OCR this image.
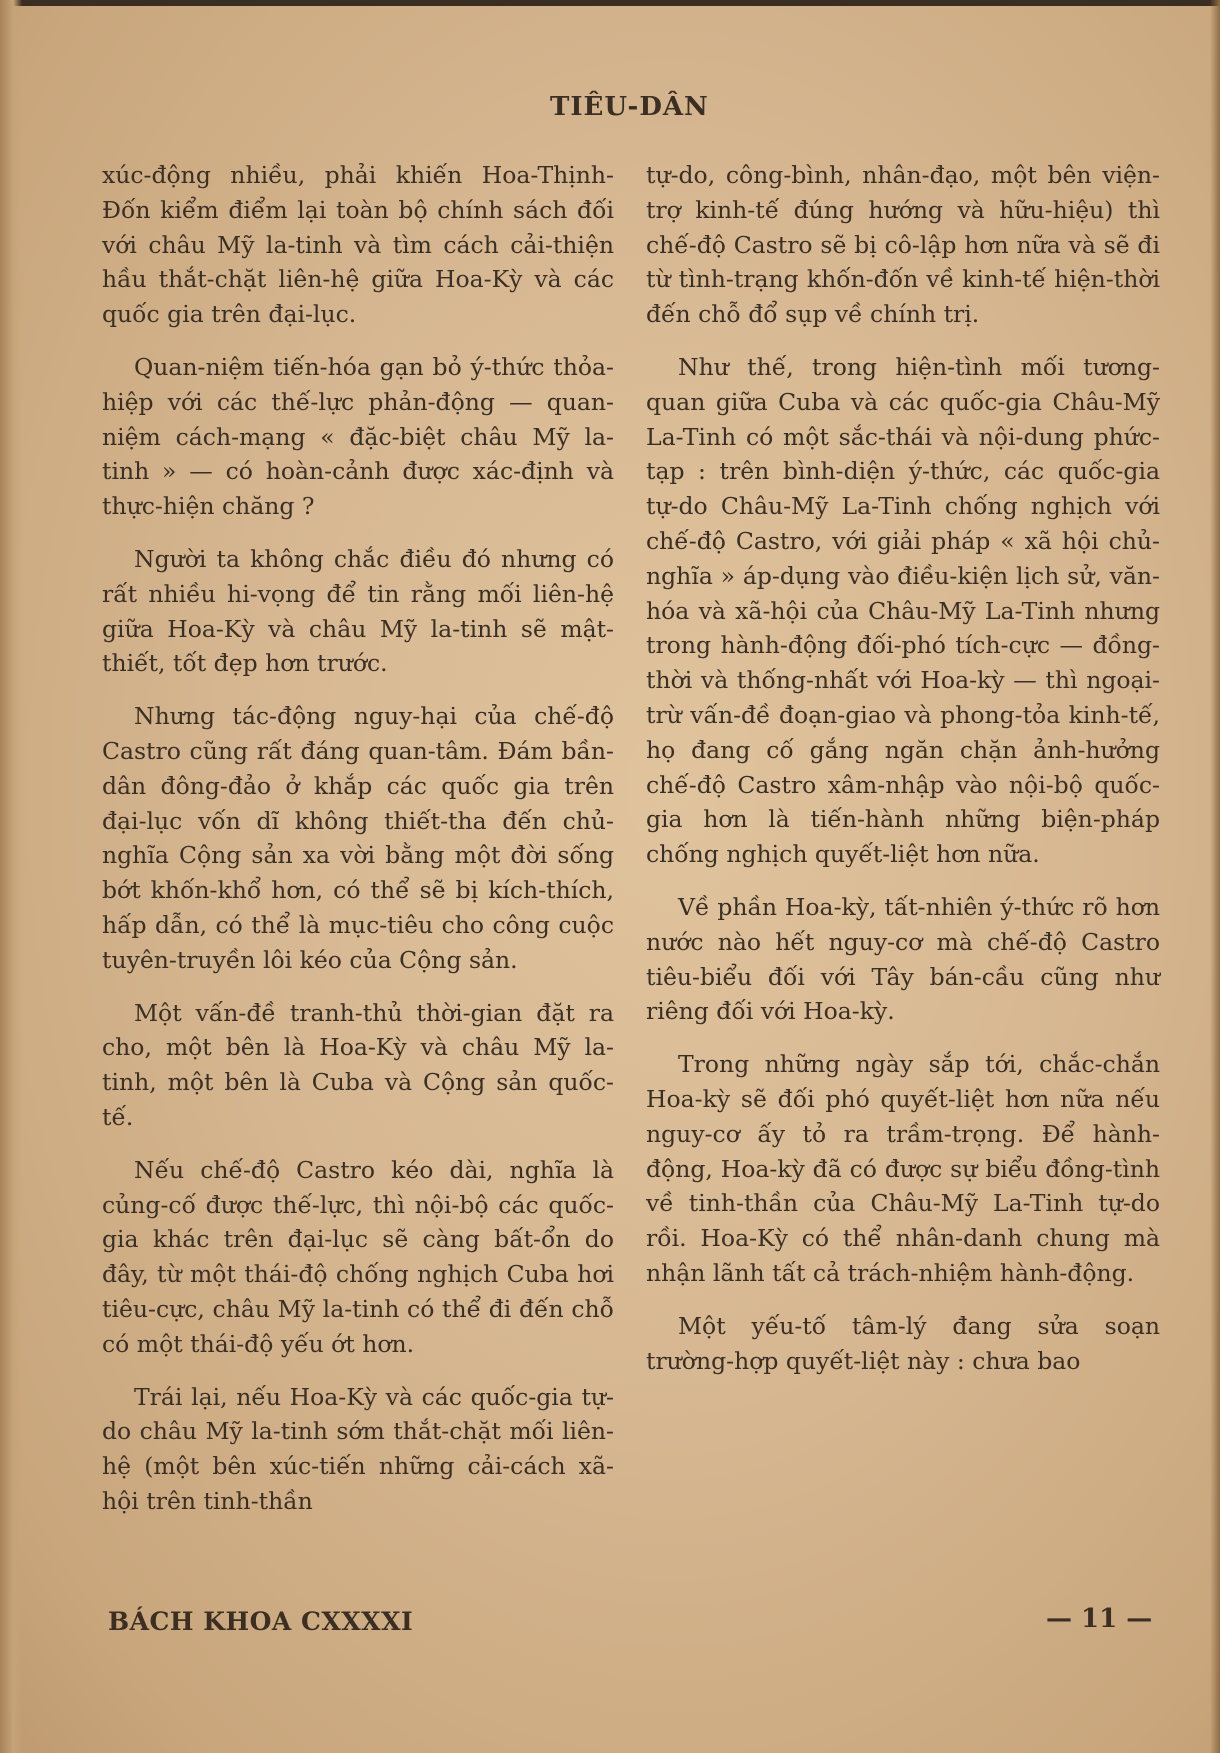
TIÊU-DÂN

xúc-động nhiều, phải khiến Hoa-Thịnh-Đốn kiểm điểm lại toàn bộ chính sách đối với châu Mỹ la-tinh và tìm cách cải-thiện hầu thắt-chặt liên-hệ giữa Hoa-Kỳ và các quốc gia trên đại-lục.

Quan-niệm tiến-hóa gạn bỏ ý-thức thỏa-hiệp với các thế-lực phản-động — quan-niệm cách-mạng « đặc-biệt châu Mỹ la-tinh » — có hoàn-cảnh được xác-định và thực-hiện chăng ?

Người ta không chắc điều đó nhưng có rất nhiều hi-vọng để tin rằng mối liên-hệ giữa Hoa-Kỳ và châu Mỹ la-tinh sẽ mật-thiết, tốt đẹp hơn trước.

Nhưng tác-động nguy-hại của chế-độ Castro cũng rất đáng quan-tâm. Đám bần-dân đông-đảo ở khắp các quốc gia trên đại-lục vốn dĩ không thiết-tha đến chủ-nghĩa Cộng sản xa vời bằng một đời sống bớt khốn-khổ hơn, có thể sẽ bị kích-thích, hấp dẫn, có thể là mục-tiêu cho công cuộc tuyên-truyền lôi kéo của Cộng sản.

Một vấn-đề tranh-thủ thời-gian đặt ra cho, một bên là Hoa-Kỳ và châu Mỹ la-tinh, một bên là Cuba và Cộng sản quốc-tế.

Nếu chế-độ Castro kéo dài, nghĩa là củng-cố được thế-lực, thì nội-bộ các quốc-gia khác trên đại-lục sẽ càng bất-ổn do đây, từ một thái-độ chống nghịch Cuba hơi tiêu-cực, châu Mỹ la-tinh có thể đi đến chỗ có một thái-độ yếu ớt hơn.

Trái lại, nếu Hoa-Kỳ và các quốc-gia tự-do châu Mỹ la-tinh sớm thắt-chặt mối liên-hệ (một bên xúc-tiến những cải-cách xã-hội trên tinh-thần

tự-do, công-bình, nhân-đạo, một bên viện-trợ kinh-tế đúng hướng và hữu-hiệu) thì chế-độ Castro sẽ bị cô-lập hơn nữa và sẽ đi từ tình-trạng khốn-đốn về kinh-tế hiện-thời đến chỗ đổ sụp về chính trị.

Như thế, trong hiện-tình mối tương-quan giữa Cuba và các quốc-gia Châu-Mỹ La-Tinh có một sắc-thái và nội-dung phức-tạp : trên bình-diện ý-thức, các quốc-gia tự-do Châu-Mỹ La-Tinh chống nghịch với chế-độ Castro, với giải pháp « xã hội chủ-nghĩa » áp-dụng vào điều-kiện lịch sử, văn-hóa và xã-hội của Châu-Mỹ La-Tinh nhưng trong hành-động đối-phó tích-cực — đồng-thời và thống-nhất với Hoa-kỳ — thì ngoại-trừ vấn-đề đoạn-giao và phong-tỏa kinh-tế, họ đang cố gắng ngăn chặn ảnh-hưởng chế-độ Castro xâm-nhập vào nội-bộ quốc-gia hơn là tiến-hành những biện-pháp chống nghịch quyết-liệt hơn nữa.

Về phần Hoa-kỳ, tất-nhiên ý-thức rõ hơn nước nào hết nguy-cơ mà chế-độ Castro tiêu-biểu đối với Tây bán-cầu cũng như riêng đối với Hoa-kỳ.

Trong những ngày sắp tới, chắc-chắn Hoa-kỳ sẽ đối phó quyết-liệt hơn nữa nếu nguy-cơ ấy tỏ ra trầm-trọng. Để hành-động, Hoa-kỳ đã có được sự biểu đồng-tình về tinh-thần của Châu-Mỹ La-Tinh tự-do rồi. Hoa-Kỳ có thể nhân-danh chung mà nhận lãnh tất cả trách-nhiệm hành-động.

Một yếu-tố tâm-lý đang sửa soạn trường-hợp quyết-liệt này : chưa bao

BÁCH KHOA CXXXXI	— 11 —
